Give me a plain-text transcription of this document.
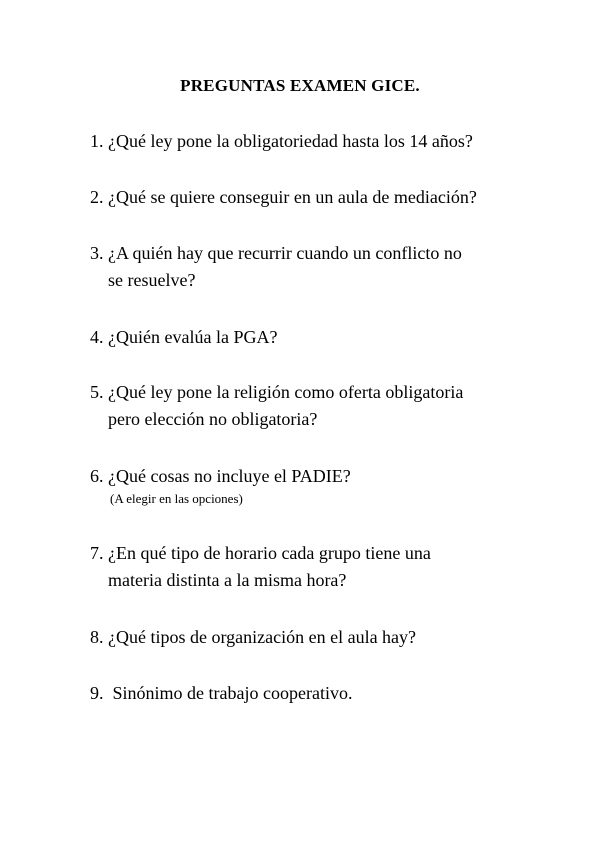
PREGUNTAS EXAMEN GICE.
1. ¿Qué ley pone la obligatoriedad hasta los 14 años?
2. ¿Qué se quiere conseguir en un aula de mediación?
3. ¿A quién hay que recurrir cuando un conflicto no
se resuelve?
4. ¿Quién evalúa la PGA?
5. ¿Qué ley pone la religión como oferta obligatoria
pero elección no obligatoria?
6. ¿Qué cosas no incluye el PADIE?
(A elegir en las opciones)
7. ¿En qué tipo de horario cada grupo tiene una
materia distinta a la misma hora?
8. ¿Qué tipos de organización en el aula hay?
9. Sinónimo de trabajo cooperativo.
